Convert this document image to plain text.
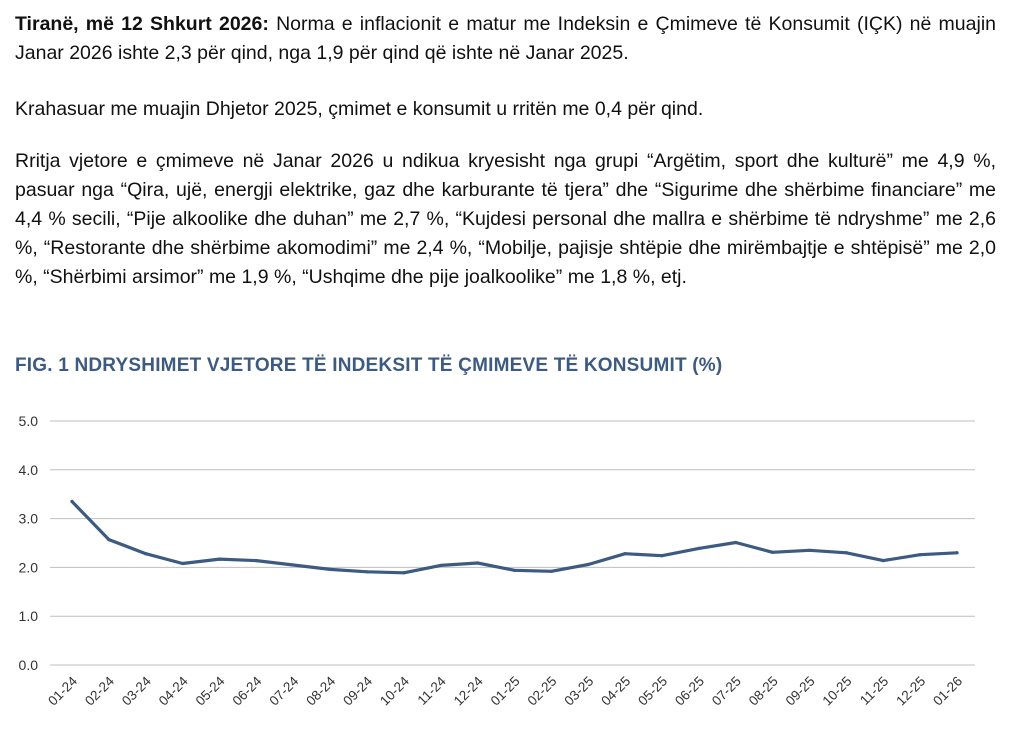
Tiranë, më 12 Shkurt 2026: Norma e inflacionit e matur me Indeksin e Çmimeve të Konsumit (IÇK) në muajin Janar 2026 ishte 2,3 për qind, nga 1,9 për qind që ishte në Janar 2025.

Krahasuar me muajin Dhjetor 2025, çmimet e konsumit u rritën me 0,4 për qind.

Rritja vjetore e çmimeve në Janar 2026 u ndikua kryesisht nga grupi “Argëtim, sport dhe kulturë” me 4,9 %, pasuar nga “Qira, ujë, energji elektrike, gaz dhe karburante të tjera” dhe “Sigurime dhe shërbime financiare” me 4,4 % secili, “Pije alkoolike dhe duhan” me 2,7 %, “Kujdesi personal dhe mallra e shërbime të ndryshme” me 2,6 %, “Restorante dhe shërbime akomodimi” me 2,4 %, “Mobilje, pajisje shtëpie dhe mirëmbajtje e shtëpisë” me 2,0 %, “Shërbimi arsimor” me 1,9 %, “Ushqime dhe pije joalkoolike” me 1,8 %, etj.

FIG. 1 NDRYSHIMET VJETORE TË INDEKSIT TË ÇMIMEVE TË KONSUMIT (%)

0.0
1.0
2.0
3.0
4.0
5.0
01-24 02-24 03-24 04-24 05-24 06-24 07-24 08-24 09-24 10-24 11-24 12-24 01-25 02-25 03-25 04-25 05-25 06-25 07-25 08-25 09-25 10-25 11-25 12-25 01-26
